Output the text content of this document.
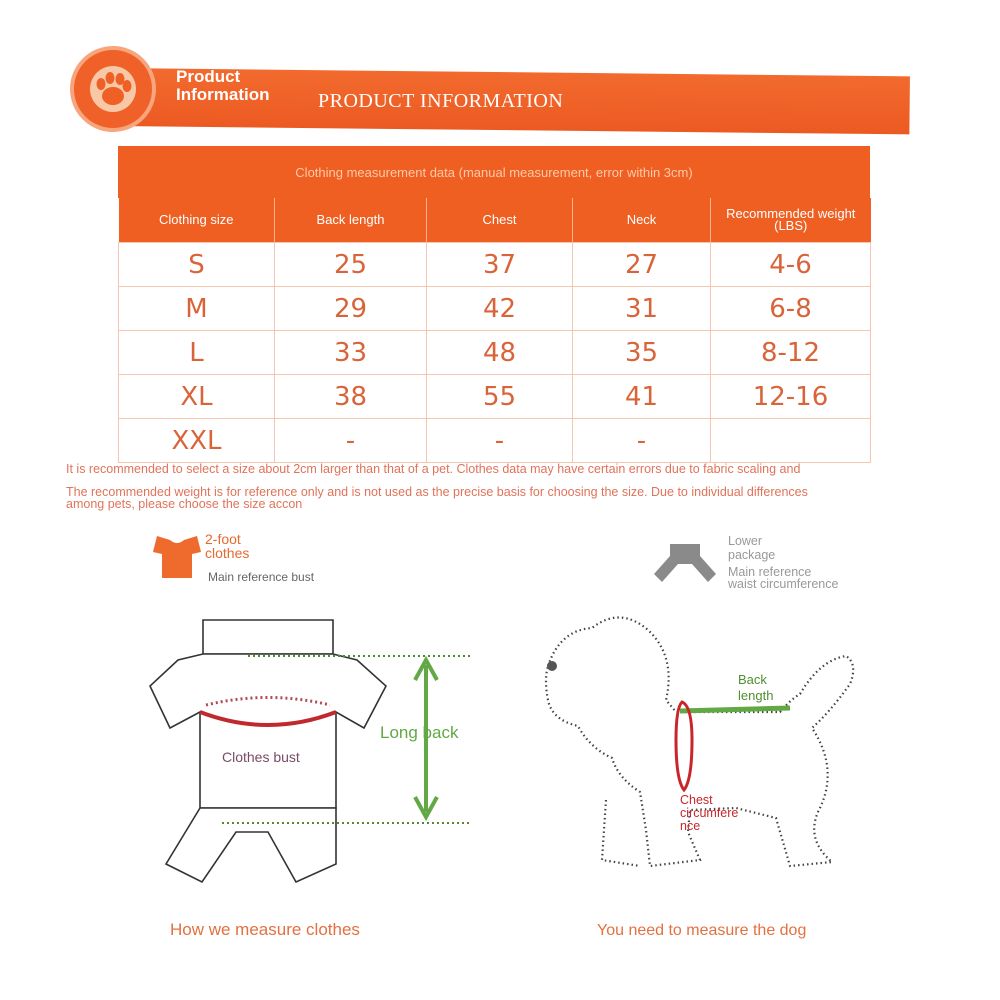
Product
Information PRODUCT INFORMATION
Clothing measurement data (manual measurement, error within 3cm)
Clothing size	Back length	Chest	Neck	Recommended weight (LBS)
S	25	37	27	4-6
M	29	42	31	6-8
L	33	48	35	8-12
XL	38	55	41	12-16
XXL	-	-	-	
It is recommended to select a size about 2cm larger than that of a pet. Clothes data may have certain errors due to fabric scaling and
The recommended weight is for reference only and is not used as the precise basis for choosing the size. Due to individual differences
among pets, please choose the size accon
2-foot
clothes
Main reference bust
Lower
package
Main reference
waist circumference
Long back
Clothes bust
Back
length
Chest
circumfere
nce
How we measure clothes	You need to measure the dog
